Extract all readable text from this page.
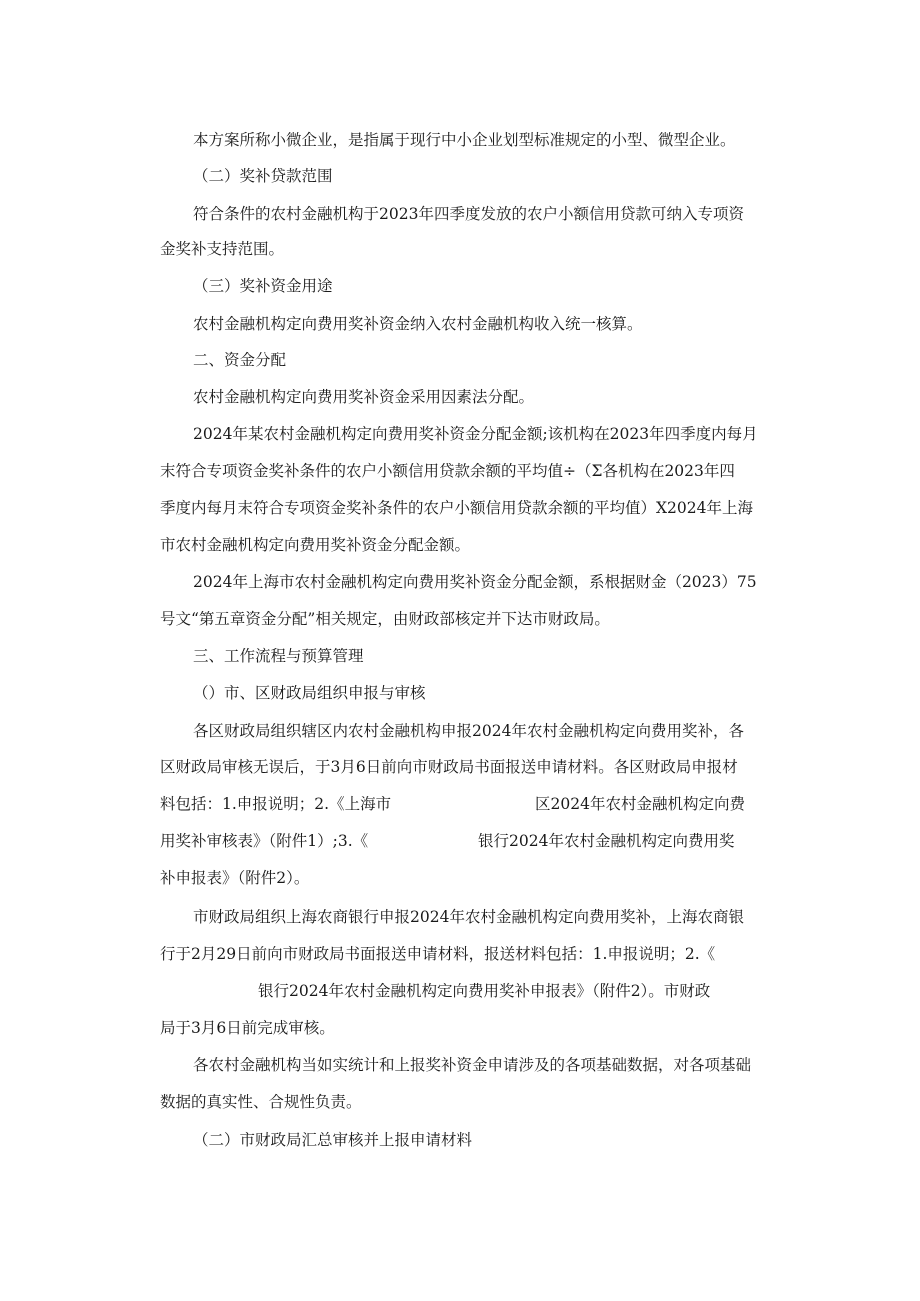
本方案所称小微企业，是指属于现行中小企业划型标准规定的小型、微型企业。
（二）奖补贷款范围
符合条件的农村金融机构于2023年四季度发放的农户小额信用贷款可纳入专项资
金奖补支持范围。
（三）奖补资金用途
农村金融机构定向费用奖补资金纳入农村金融机构收入统一核算。
二、资金分配
农村金融机构定向费用奖补资金采用因素法分配。
2024年某农村金融机构定向费用奖补资金分配金额;该机构在2023年四季度内每月
末符合专项资金奖补条件的农户小额信用贷款余额的平均值÷（Σ各机构在2023年四
季度内每月末符合专项资金奖补条件的农户小额信用贷款余额的平均值）X2024年上海
市农村金融机构定向费用奖补资金分配金额。
2024年上海市农村金融机构定向费用奖补资金分配金额，系根据财金（2023）75
号文“第五章资金分配”相关规定，由财政部核定并下达市财政局。
三、工作流程与预算管理
（）市、区财政局组织申报与审核
各区财政局组织辖区内农村金融机构申报2024年农村金融机构定向费用奖补，各
区财政局审核无误后，于3月6日前向市财政局书面报送申请材料。各区财政局申报材
料包括：1.申报说明；2.《上海市	区2024年农村金融机构定向费
用奖补审核表》（附件1）;3.《	银行2024年农村金融机构定向费用奖
补申报表》（附件2）。
市财政局组织上海农商银行申报2024年农村金融机构定向费用奖补，上海农商银
行于2月29日前向市财政局书面报送申请材料，报送材料包括：1.申报说明；2.《
银行2024年农村金融机构定向费用奖补申报表》（附件2）。市财政
局于3月6日前完成审核。
各农村金融机构当如实统计和上报奖补资金申请涉及的各项基础数据，对各项基础
数据的真实性、合规性负责。
（二）市财政局汇总审核并上报申请材料
